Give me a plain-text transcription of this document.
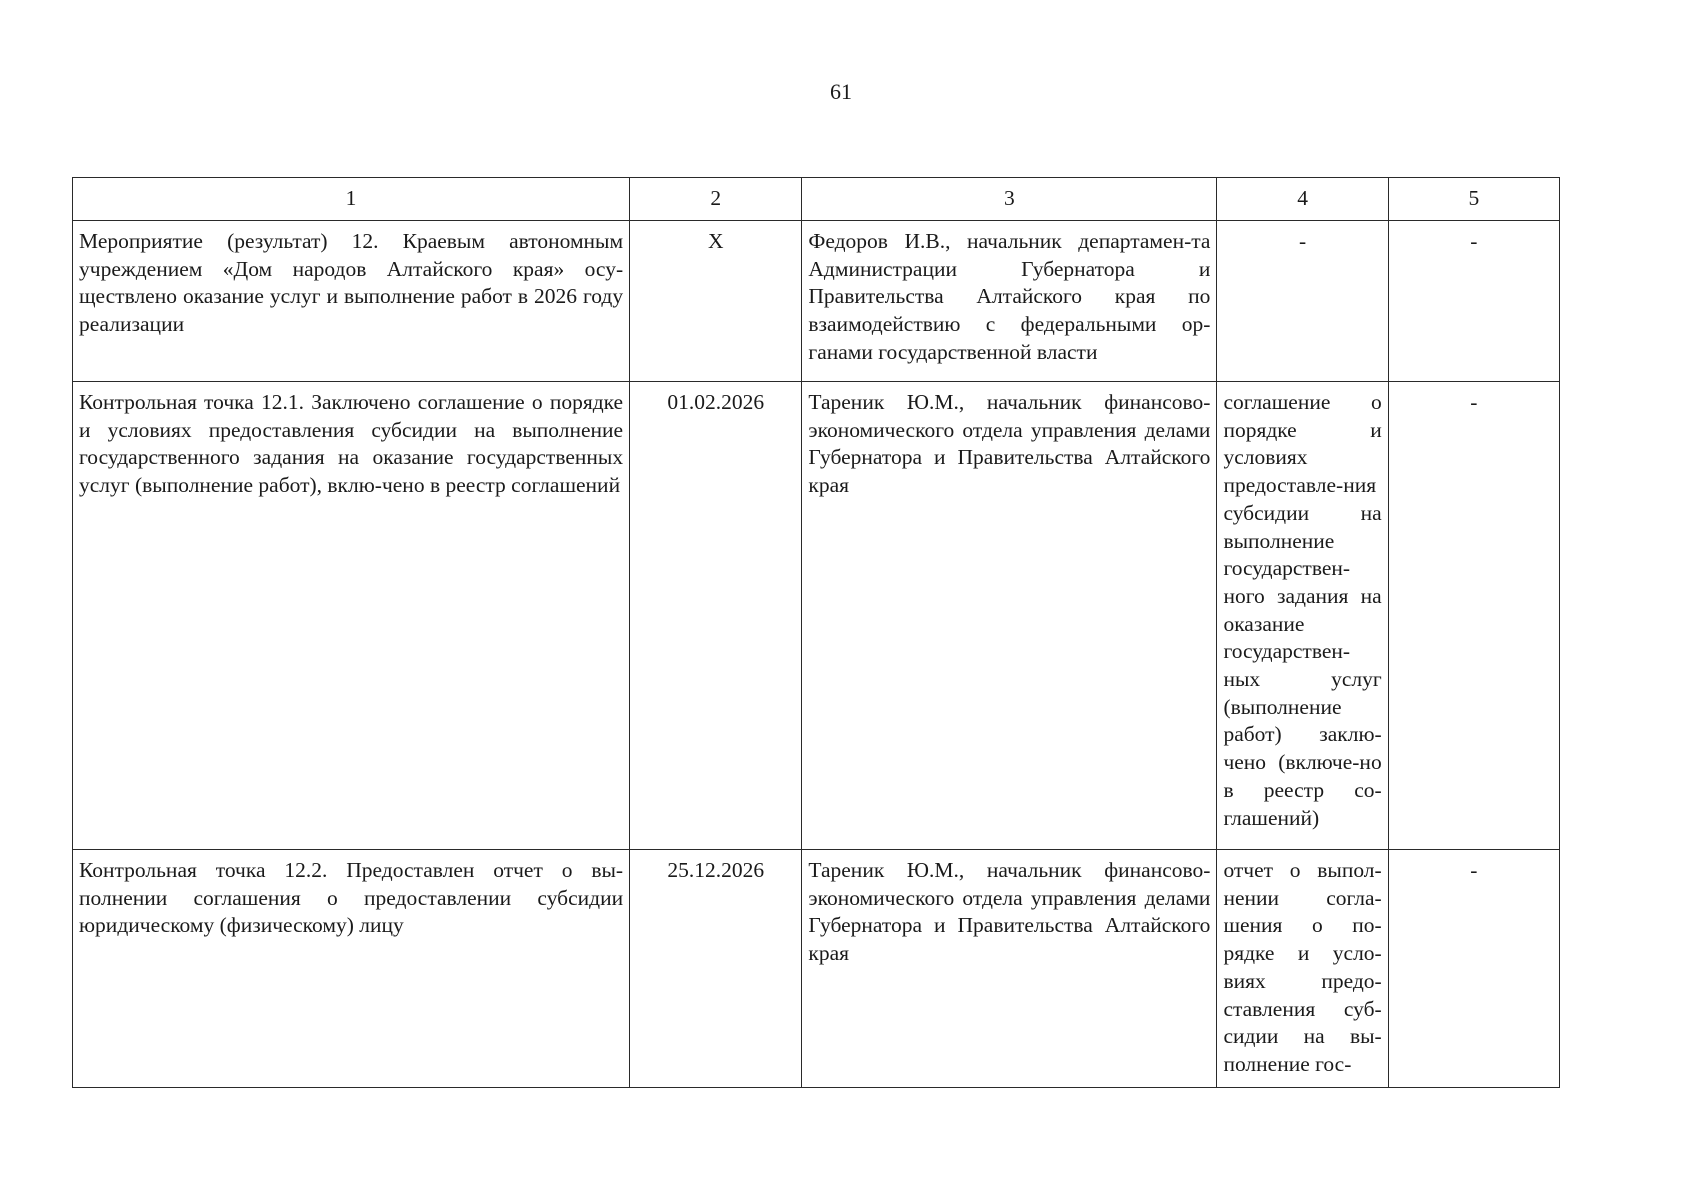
61
1	2	3	4	5
Мероприятие (результат) 12. Краевым автономным учреждением «Дом народов Алтайского края» осу-ществлено оказание услуг и выполнение работ в 2026 году реализации	X	Федоров И.В., начальник департамен-та Администрации Губернатора и Правительства Алтайского края по взаимодействию с федеральными ор-ганами государственной власти	-	-
Контрольная точка 12.1. Заключено соглашение о порядке и условиях предоставления субсидии на выполнение государственного задания на оказание государственных услуг (выполнение работ), вклю-чено в реестр соглашений	01.02.2026	Тареник Ю.М., начальник финансово-экономического отдела управления делами Губернатора и Правительства Алтайского края	соглашение о порядке и условиях предоставле-ния субсидии на выполнение государствен-ного задания на оказание государствен-ных услуг (выполнение работ) заклю-чено (включе-но в реестр со-глашений)	-
Контрольная точка 12.2. Предоставлен отчет о вы-полнении соглашения о предоставлении субсидии юридическому (физическому) лицу	25.12.2026	Тареник Ю.М., начальник финансово-экономического отдела управления делами Губернатора и Правительства Алтайского края	отчет о выпол-нении согла-шения о по-рядке и усло-виях предо-ставления суб-сидии на вы-полнение гос-	-
